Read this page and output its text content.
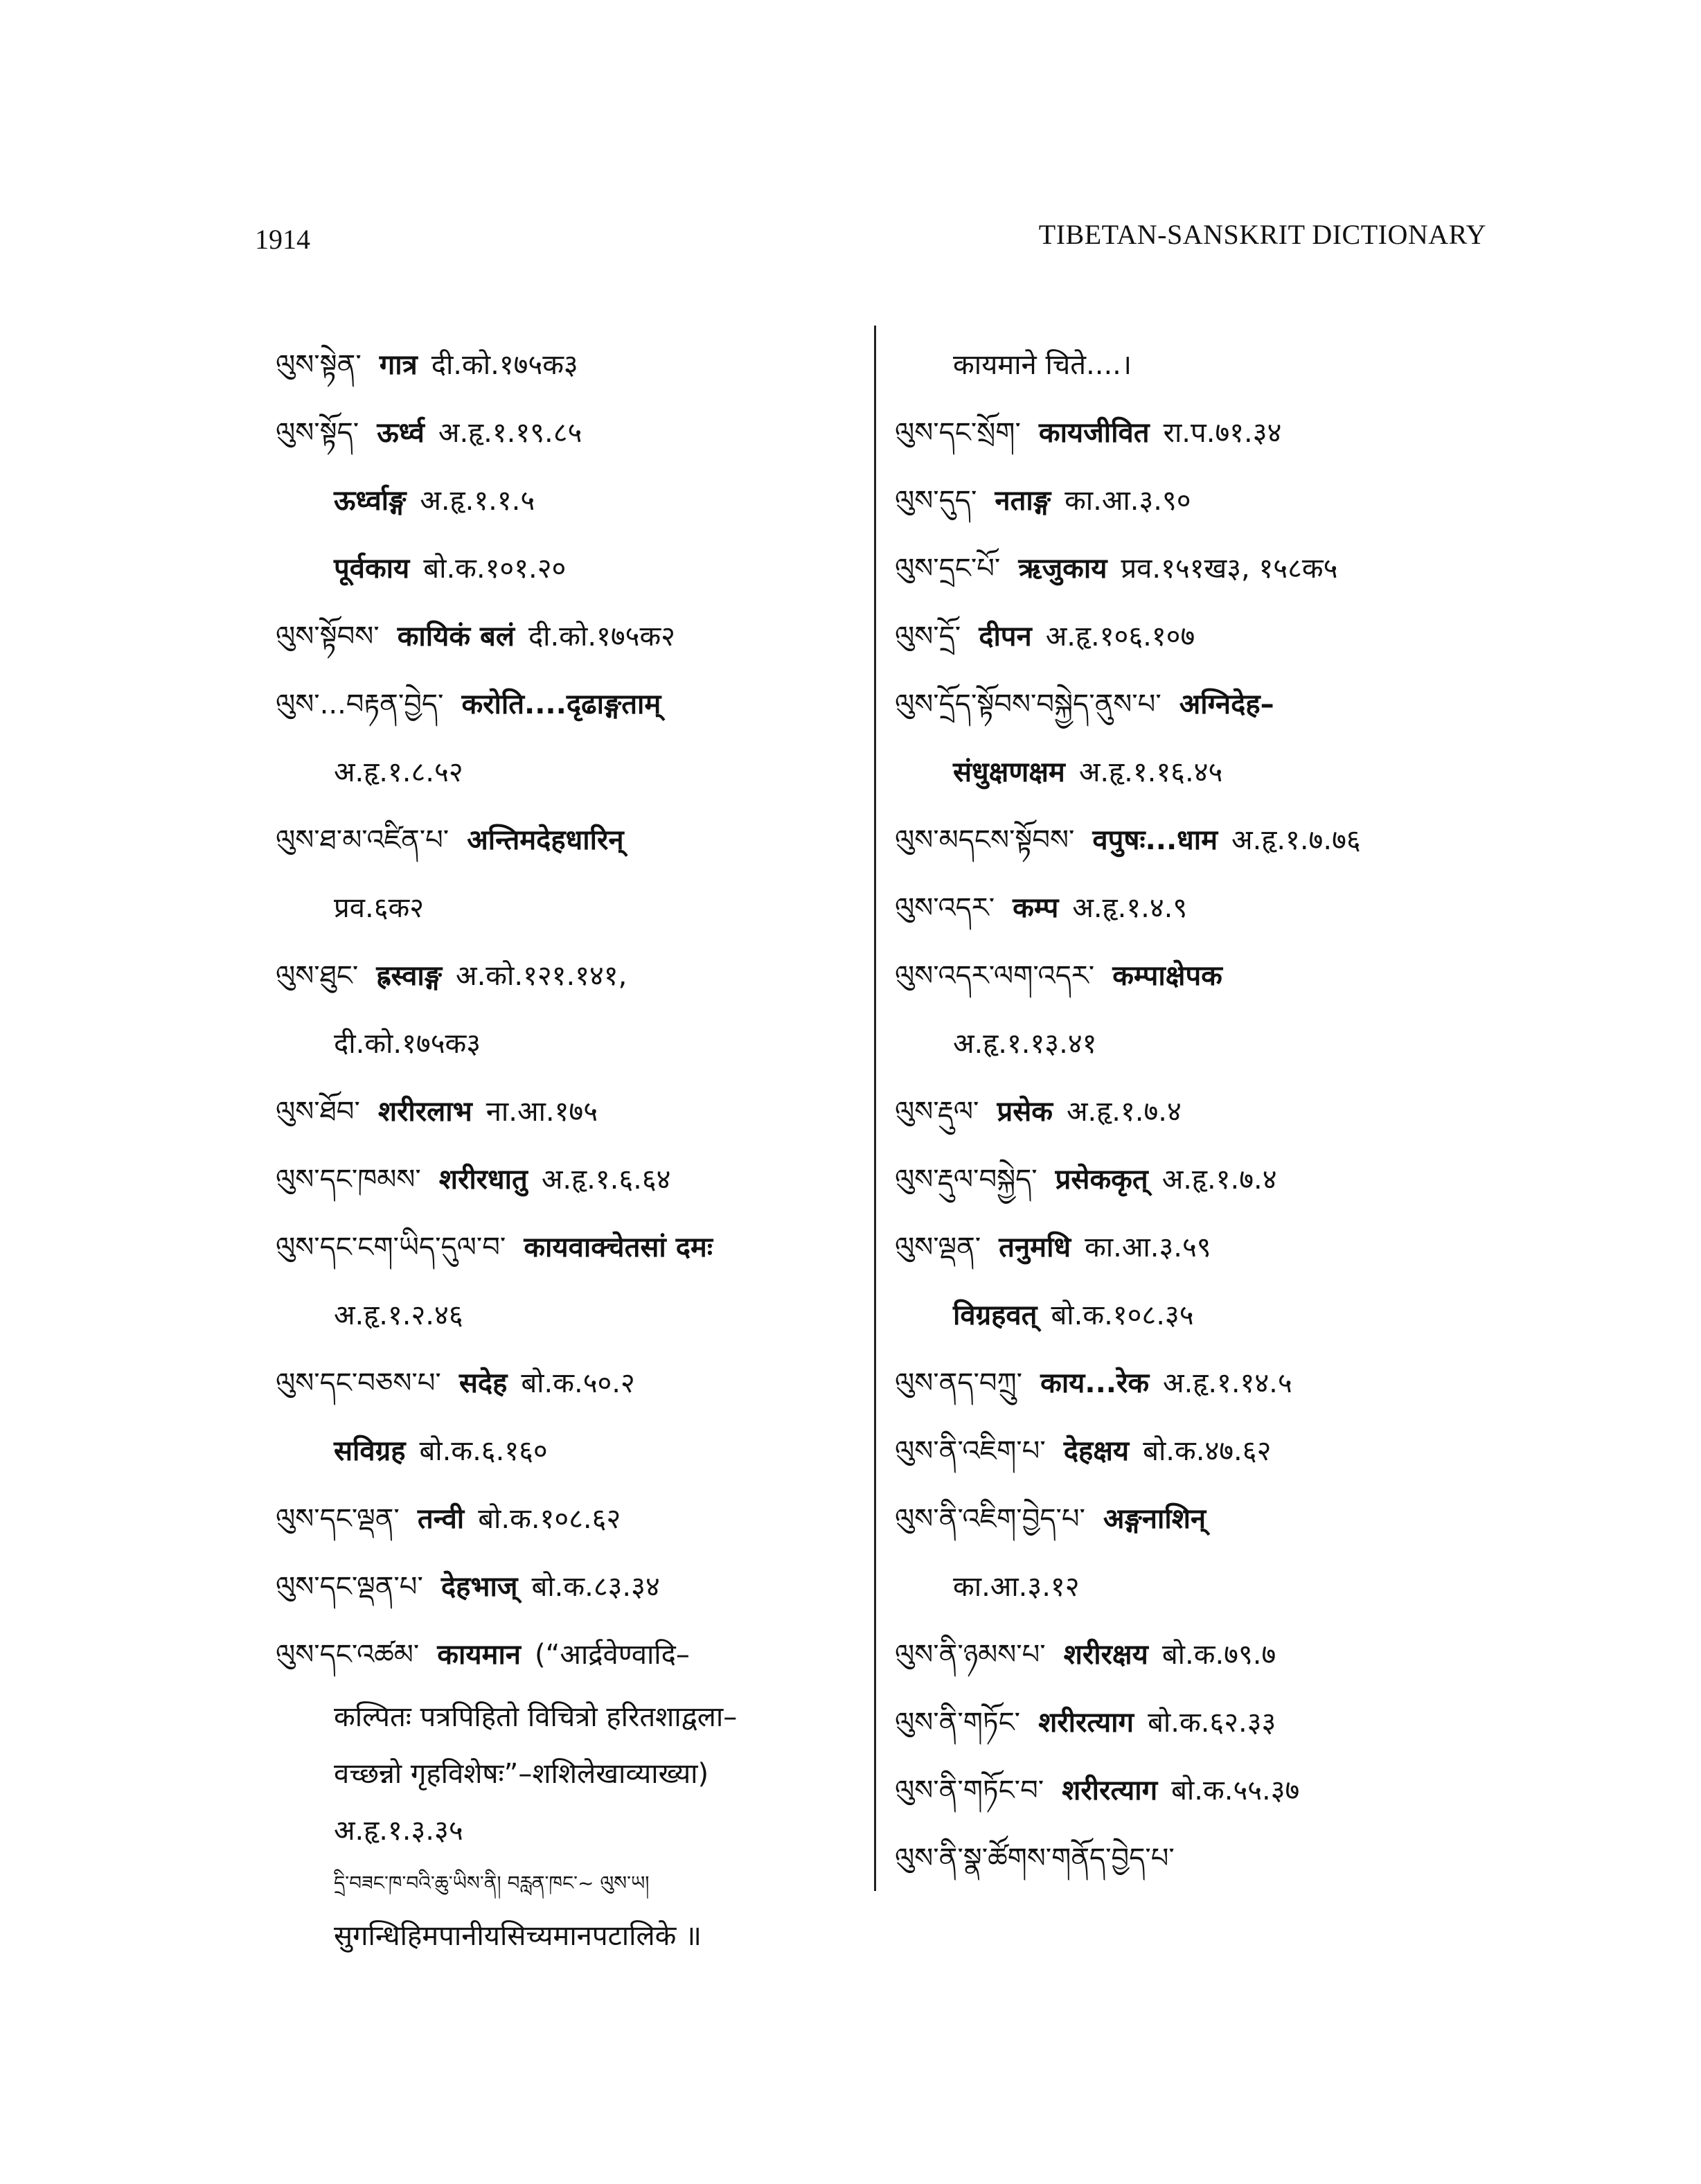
1914	TIBETAN-SANSKRIT DICTIONARY
ལུས་སྟེན་ गात्र दी.को.१७५क३
ལུས་སྟོད་ ऊर्ध्व अ.हृ.१.१९.८५
ऊर्ध्वाङ्ग अ.हृ.१.१.५
पूर्वकाय बो.क.१०१.२०
ལུས་སྟོབས་ कायिकं बलं दी.को.१७५क२
ལུས་...བརྟན་བྱེད་ करोति....दृढाङ्गताम्
अ.हृ.१.८.५२
ལུས་ཐ་མ་འཛིན་པ་ अन्तिमदेहधारिन्
प्रव.६क२
ལུས་ཐུང་ ह्रस्वाङ्ग अ.को.१२१.१४१,
दी.को.१७५क३
ལུས་ཐོབ་ शरीरलाभ ना.आ.१७५
ལུས་དང་ཁམས་ शरीरधातु अ.हृ.१.६.६४
ལུས་དང་ངག་ཡིད་དུལ་བ་ कायवाक्चेतसां दमः
अ.हृ.१.२.४६
ལུས་དང་བཅས་པ་ सदेह बो.क.५०.२
सविग्रह बो.क.६.१६०
ལུས་དང་ལྡན་ तन्वी बो.क.१०८.६२
ལུས་དང་ལྡན་པ་ देहभाज् बो.क.८३.३४
ལུས་དང་འཚམ་ कायमान (“आर्द्रवेण्वादि–
कल्पितः पत्रपिहितो विचित्रो हरितशाद्वला–
वच्छन्नो गृहविशेषः”–शशिलेखाव्याख्या)
अ.हृ.१.३.३५
དྲི་བཟང་ཁ་བའི་ཆུ་ཡིས་ནི། བརླན་ཁང་~ ལུས་ཡ།
सुगन्धिहिमपानीयसिच्यमानपटालिके ॥
कायमाने चिते....।
ལུས་དང་སྲོག་ कायजीवित रा.प.७१.३४
ལུས་དུད་ नताङ्ग का.आ.३.९०
ལུས་དྲང་པོ་ ऋजुकाय प्रव.१५१ख३, १५८क५
ལུས་དྲོ་ दीपन अ.हृ.१०६.१०७
ལུས་དྲོད་སྟོབས་བསྐྱེད་ནུས་པ་ अग्निदेह–
संधुक्षणक्षम अ.हृ.१.१६.४५
ལུས་མདངས་སྟོབས་ वपुषः...धाम अ.हृ.१.७.७६
ལུས་འདར་ कम्प अ.हृ.१.४.९
ལུས་འདར་ལག་འདར་ कम्पाक्षेपक
अ.हृ.१.१३.४१
ལུས་རྡུལ་ प्रसेक अ.हृ.१.७.४
ལུས་རྡུལ་བསྐྱེད་ प्रसेककृत् अ.हृ.१.७.४
ལུས་ལྡན་ तनुमधि का.आ.३.५९
विग्रहवत् बो.क.१०८.३५
ལུས་ནད་བཀྲུ་ काय...रेक अ.हृ.१.१४.५
ལུས་ནི་འཇིག་པ་ देहक्षय बो.क.४७.६२
ལུས་ནི་འཇིག་བྱེད་པ་ अङ्गनाशिन्
का.आ.३.१२
ལུས་ནི་ཉམས་པ་ शरीरक्षय बो.क.७९.७
ལུས་ནི་གཏོང་ शरीरत्याग बो.क.६२.३३
ལུས་ནི་གཏོང་བ་ शरीरत्याग बो.क.५५.३७
ལུས་ནི་སྣ་ཚོགས་གནོད་བྱེད་པ་
